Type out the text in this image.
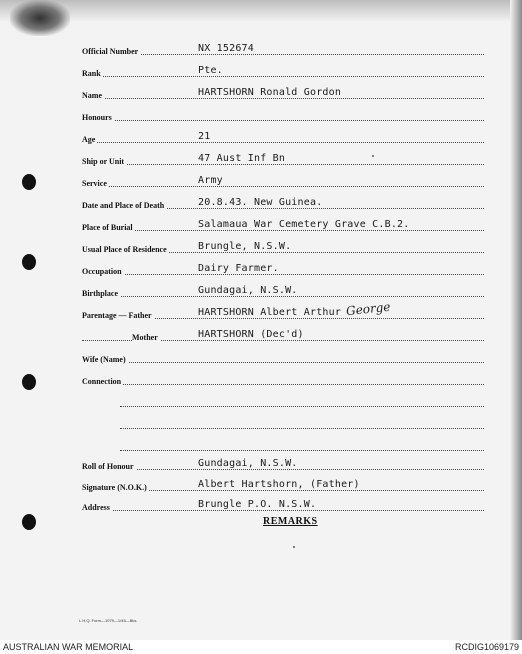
Official Number	NX 152674
Rank	Pte.
Name	HARTSHORN Ronald Gordon
Honours
Age	21
Ship or Unit	47 Aust Inf Bn
Service	Army
Date and Place of Death	20.8.43. New Guinea.
Place of Burial	Salamaua War Cemetery Grave C.B.2.
Usual Place of Residence	Brungle, N.S.W.
Occupation	Dairy Farmer.
Birthplace	Gundagai, N.S.W.
Parentage — Father	HARTSHORN Albert Arthur George
Mother	HARTSHORN (Dec'd)
Wife (Name)
Connection
Roll of Honour	Gundagai, N.S.W.
Signature (N.O.K.)	Albert Hartshorn, (Father)
Address	Brungle P.O. N.S.W.
REMARKS
L.H.Q. Form—1979—1/45—Bks.
AUSTRALIAN WAR MEMORIAL	RCDIG1069179
